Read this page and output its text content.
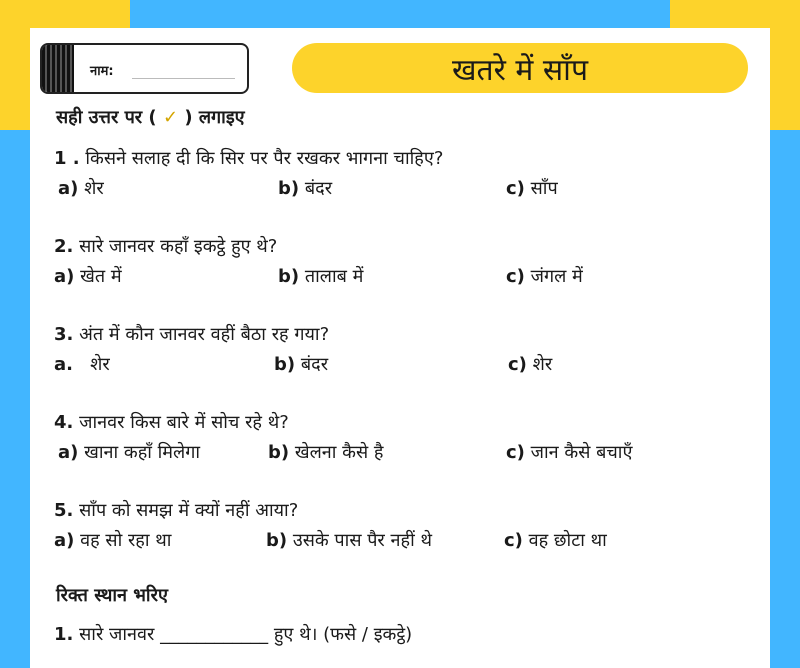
नाम:	खतरे में साँप
सही उत्तर पर ( ✓ ) लगाइए
1 . किसने सलाह दी कि सिर पर पैर रखकर भागना चाहिए?
a) शेर	b) बंदर	c) साँप
2. सारे जानवर कहाँ इकट्ठे हुए थे?
a) खेत में	b) तालाब में	c) जंगल में
3. अंत में कौन जानवर वहीं बैठा रह गया?
a. शेर	b) बंदर	c) शेर
4. जानवर किस बारे में सोच रहे थे?
a) खाना कहाँ मिलेगा	b) खेलना कैसे है	c) जान कैसे बचाएँ
5. साँप को समझ में क्यों नहीं आया?
a) वह सो रहा था	b) उसके पास पैर नहीं थे	c) वह छोटा था
रिक्त स्थान भरिए
1. सारे जानवर ____________ हुए थे। (फसे / इकट्ठे)
